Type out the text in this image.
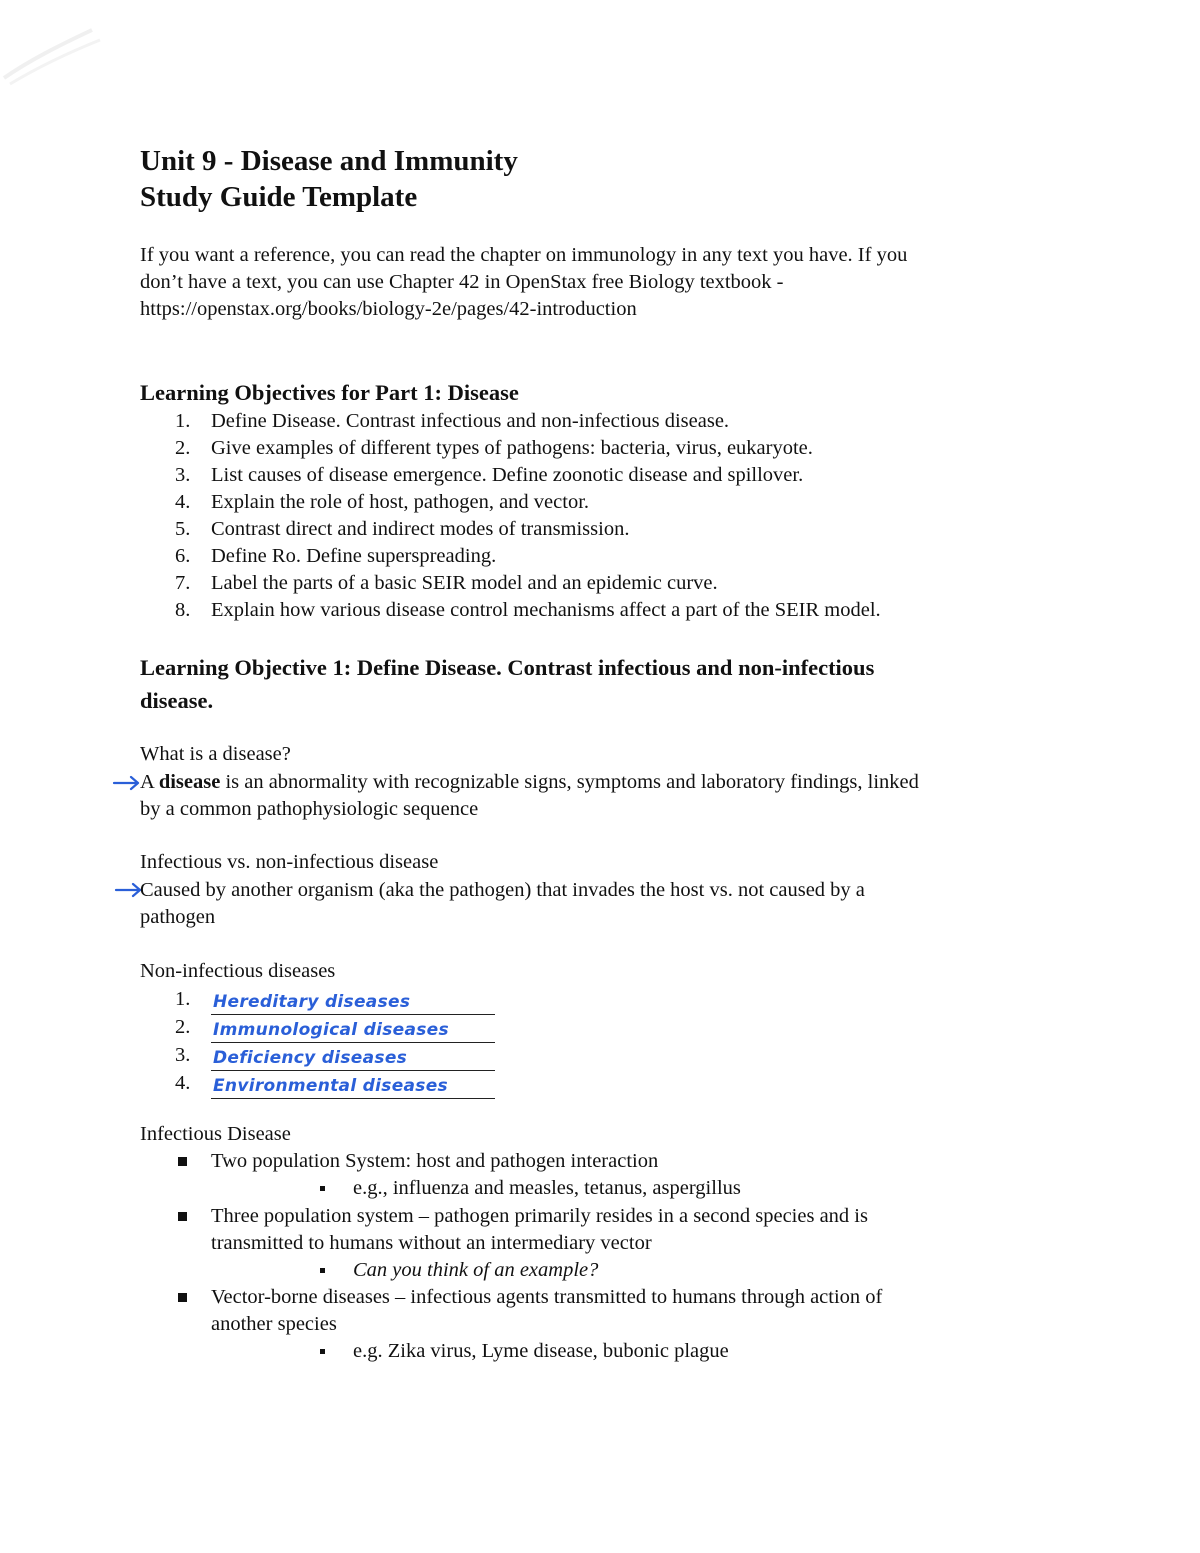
Unit 9 - Disease and Immunity
Study Guide Template
If you want a reference, you can read the chapter on immunology in any text you have. If you
don’t have a text, you can use Chapter 42 in OpenStax free Biology textbook -
https://openstax.org/books/biology-2e/pages/42-introduction
Learning Objectives for Part 1: Disease
1. Define Disease. Contrast infectious and non-infectious disease.
2. Give examples of different types of pathogens: bacteria, virus, eukaryote.
3. List causes of disease emergence. Define zoonotic disease and spillover.
4. Explain the role of host, pathogen, and vector.
5. Contrast direct and indirect modes of transmission.
6. Define Ro. Define superspreading.
7. Label the parts of a basic SEIR model and an epidemic curve.
8. Explain how various disease control mechanisms affect a part of the SEIR model.
Learning Objective 1: Define Disease. Contrast infectious and non-infectious
disease.
What is a disease?
A disease is an abnormality with recognizable signs, symptoms and laboratory findings, linked
by a common pathophysiologic sequence
Infectious vs. non-infectious disease
Caused by another organism (aka the pathogen) that invades the host vs. not caused by a
pathogen
Non-infectious diseases
1. Hereditary diseases
2. Immunological diseases
3. Deficiency diseases
4. Environmental diseases
Infectious Disease
Two population System: host and pathogen interaction
e.g., influenza and measles, tetanus, aspergillus
Three population system – pathogen primarily resides in a second species and is
transmitted to humans without an intermediary vector
Can you think of an example?
Vector-borne diseases – infectious agents transmitted to humans through action of
another species
e.g. Zika virus, Lyme disease, bubonic plague
